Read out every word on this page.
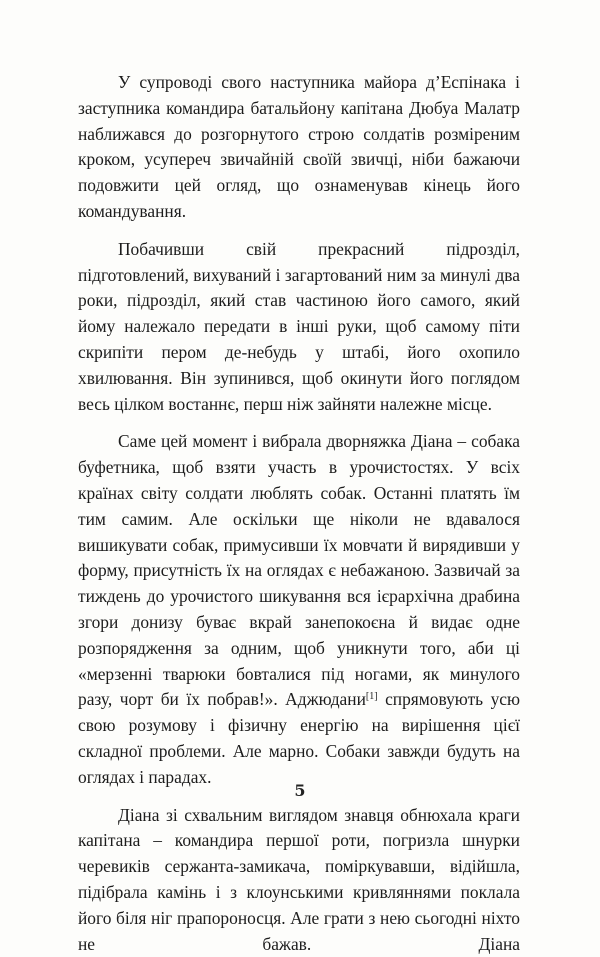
У супроводі свого наступника майора д’Еспінака і заступника командира батальйону капітана Дюбуа Малатр наближався до розгорнутого строю солдатів розміреним кроком, усупереч звичайній своїй звичці, ніби бажаючи подовжити цей огляд, що ознаменував кінець його командування.

Побачивши свій прекрасний підрозділ, підготовлений, вихуваний і загартований ним за минулі два роки, підрозділ, який став частиною його самого, який йому належало передати в інші руки, щоб самому піти скрипіти пером де-небудь у штабі, його охопило хвилювання. Він зупинився, щоб окинути його поглядом весь цілком востаннє, перш ніж зайняти належне місце.

Саме цей момент і вибрала дворняжка Діана – собака буфетника, щоб взяти участь в урочистостях. У всіх країнах світу солдати люблять собак. Останні платять їм тим самим. Але оскільки ще ніколи не вдавалося вишикувати собак, примусивши їх мовчати й вирядивши у форму, присутність їх на оглядах є небажаною. Зазвичай за тиждень до урочистого шикування вся ієрархічна драбина згори донизу буває вкрай занепокоєна й видає одне розпорядження за одним, щоб уникнути того, аби ці «мерзенні тварюки бовталися під ногами, як минулого разу, чорт би їх побрав!». Аджюдани[1] спрямовують усю свою розумову і фізичну енергію на вирішення цієї складної проблеми. Але марно. Собаки завжди будуть на оглядах і парадах.

Діана зі схвальним виглядом знавця обнюхала краги капітана – командира першої роти, погризла шнурки черевиків сержанта-замикача, поміркувавши, відійшла, підібрала камінь і з клоунськими кривляннями поклала його біля ніг прапороносця. Але грати з нею сьогодні ніхто не бажав. Діана

5
